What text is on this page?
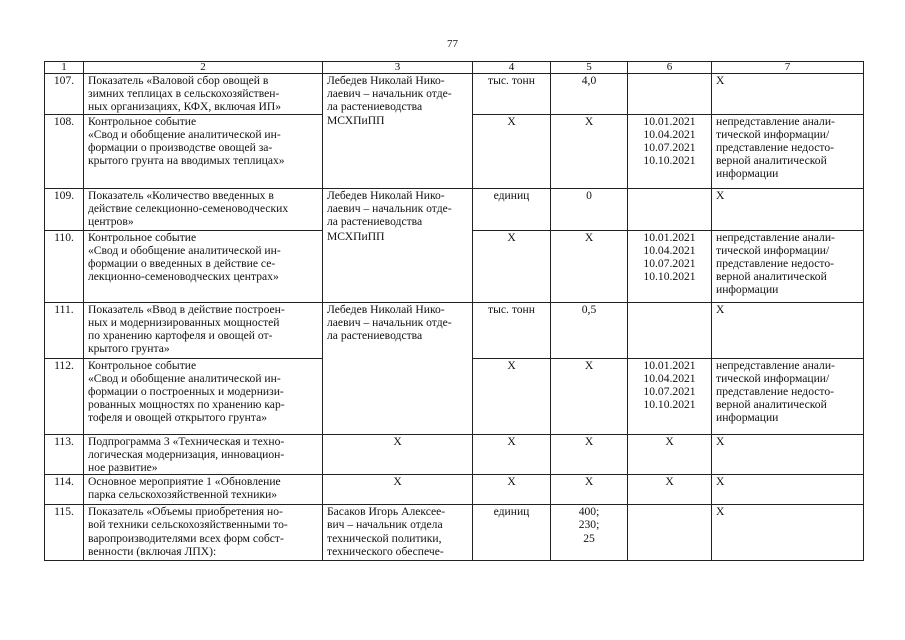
77
1	2	3	4	5	6	7
107.	Показатель «Валовой сбор овощей в
зимних теплицах в сельскохозяйствен-
ных организациях, КФХ, включая ИП»	Лебедев Николай Нико-
лаевич – начальник отде-
ла растениеводства	тыс. тонн	4,0		Х
108.	Контрольное событие
«Свод и обобщение аналитической ин-
формации о производстве овощей за-
крытого грунта на вводимых теплицах»	МСХПиПП	Х	Х	10.01.2021
10.04.2021
10.07.2021
10.10.2021	непредставление анали-
тической информации/
представление недосто-
верной аналитической
информации
109.	Показатель «Количество введенных в
действие селекционно-семеноводческих
центров»	Лебедев Николай Нико-
лаевич – начальник отде-
ла растениеводства	единиц	0		Х
110.	Контрольное событие
«Свод и обобщение аналитической ин-
формации о введенных в действие се-
лекционно-семеноводческих центрах»	МСХПиПП	Х	Х	10.01.2021
10.04.2021
10.07.2021
10.10.2021	непредставление анали-
тической информации/
представление недосто-
верной аналитической
информации
111.	Показатель «Ввод в действие построен-
ных и модернизированных мощностей
по хранению картофеля и овощей от-
крытого грунта»	Лебедев Николай Нико-
лаевич – начальник отде-
ла растениеводства	тыс. тонн	0,5		Х
112.	Контрольное событие
«Свод и обобщение аналитической ин-
формации о построенных и модернизи-
рованных мощностях по хранению кар-
тофеля и овощей открытого грунта»		Х	Х	10.01.2021
10.04.2021
10.07.2021
10.10.2021	непредставление анали-
тической информации/
представление недосто-
верной аналитической
информации
113.	Подпрограмма 3 «Техническая и техно-
логическая модернизация, инновацион-
ное развитие»	Х	Х	Х	Х	Х
114.	Основное мероприятие 1 «Обновление
парка сельскохозяйственной техники»	Х	Х	Х	Х	Х
115.	Показатель «Объемы приобретения но-
вой техники сельскохозяйственными то-
варопроизводителями всех форм собст-
венности (включая ЛПХ):	Басаков Игорь Алексее-
вич – начальник отдела
технической политики,
технического обеспече-	единиц	400;
230;
25		Х
